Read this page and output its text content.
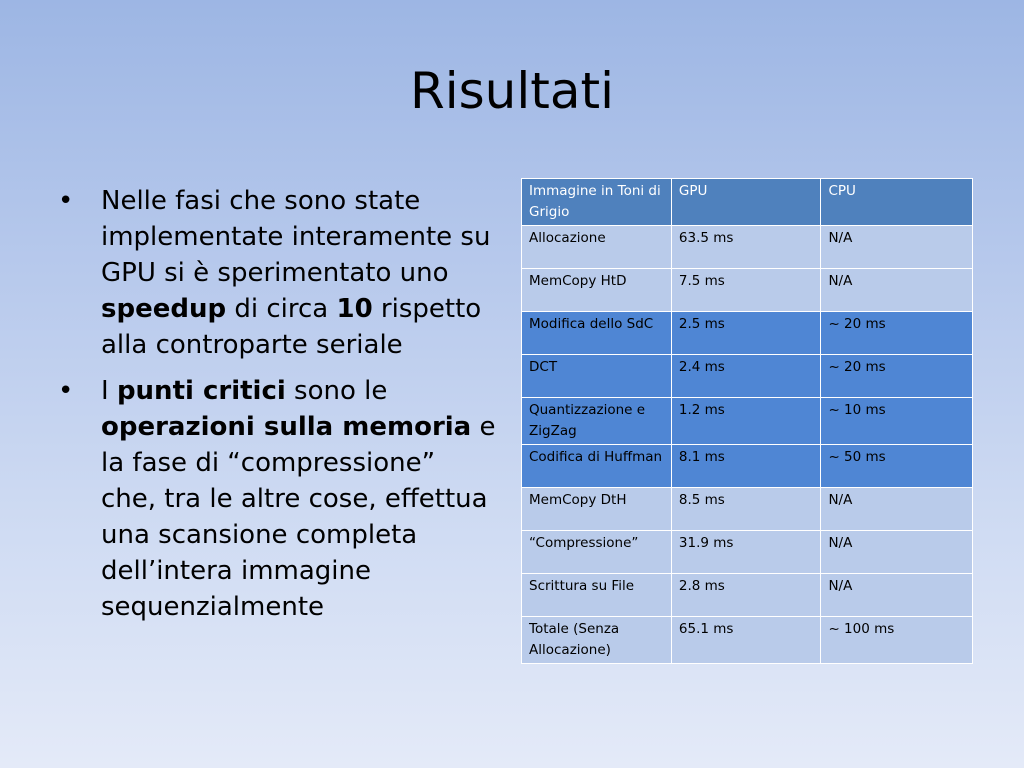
Risultati
• Nelle fasi che sono state implementate interamente su GPU si è sperimentato uno speedup di circa 10 rispetto alla controparte seriale
• I punti critici sono le operazioni sulla memoria e la fase di “compressione” che, tra le altre cose, effettua una scansione completa dell’intera immagine sequenzialmente
Immagine in Toni di Grigio	GPU	CPU
Allocazione	63.5 ms	N/A
MemCopy HtD	7.5 ms	N/A
Modifica dello SdC	2.5 ms	~ 20 ms
DCT	2.4 ms	~ 20 ms
Quantizzazione e ZigZag	1.2 ms	~ 10 ms
Codifica di Huffman	8.1 ms	~ 50 ms
MemCopy DtH	8.5 ms	N/A
“Compressione”	31.9 ms	N/A
Scrittura su File	2.8 ms	N/A
Totale (Senza Allocazione)	65.1 ms	~ 100 ms
